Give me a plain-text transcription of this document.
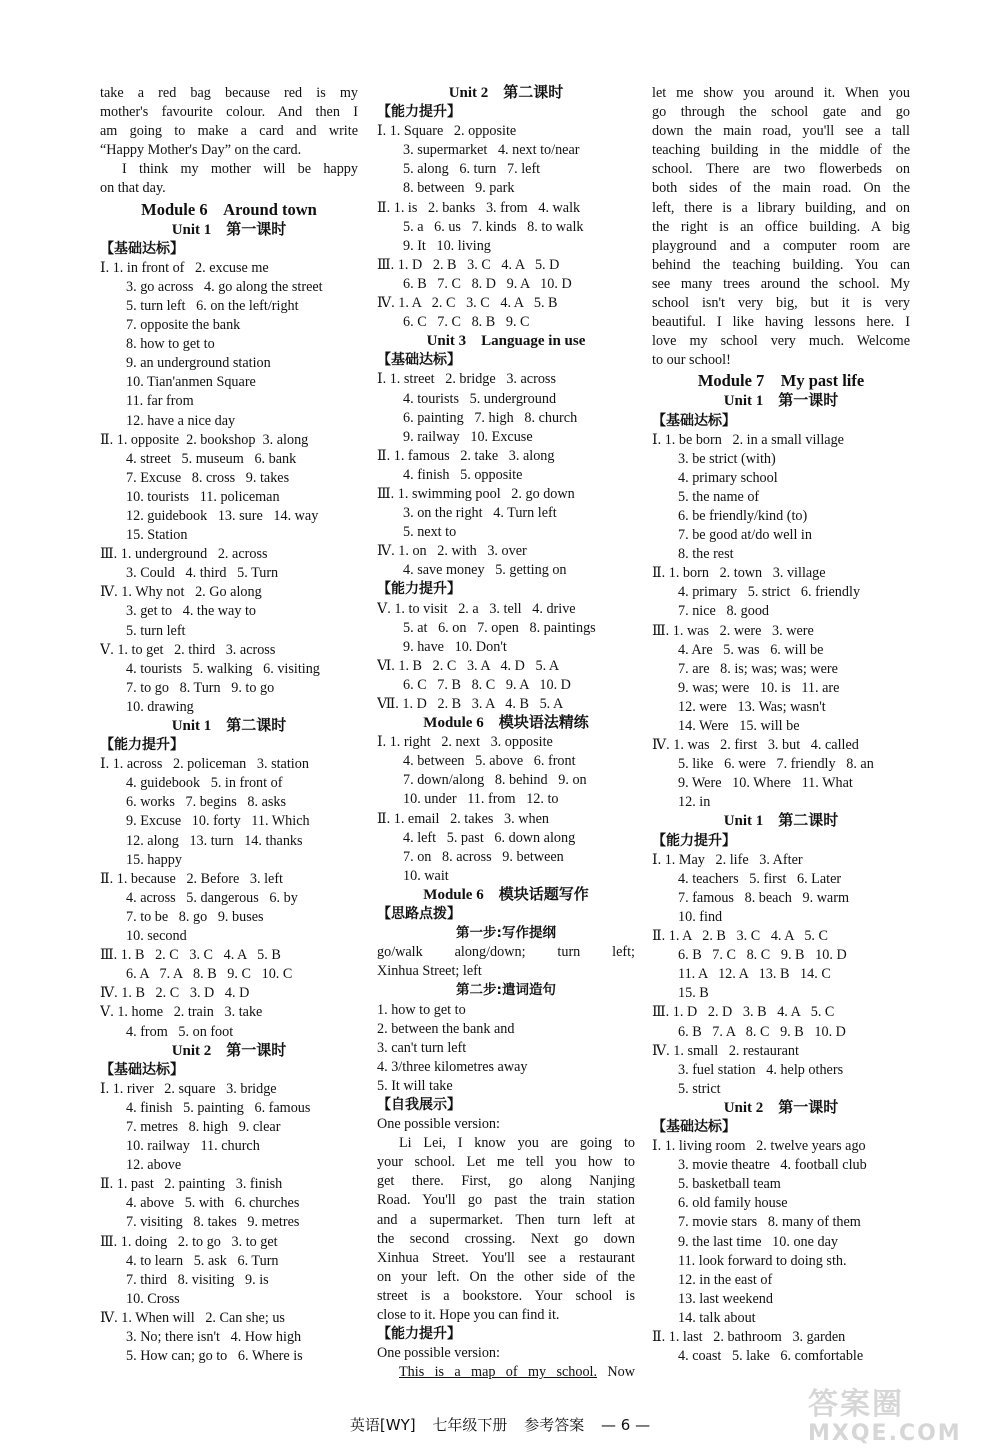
take a red bag because red is my
mother's favourite colour. And then I
am going to make a card and write
“Happy Mother's Day” on the card.
I think my mother will be happy
on that day.
Module 6    Around town
Unit 1    第一课时
【基础达标】
Ⅰ. 1. in front of   2. excuse me
3. go across   4. go along the street
5. turn left   6. on the left/right
7. opposite the bank
8. how to get to
9. an underground station
10. Tian'anmen Square
11. far from
12. have a nice day
Ⅱ. 1. opposite  2. bookshop  3. along
4. street   5. museum   6. bank
7. Excuse   8. cross   9. takes
10. tourists   11. policeman
12. guidebook   13. sure   14. way
15. Station
Ⅲ. 1. underground   2. across
3. Could   4. third   5. Turn
Ⅳ. 1. Why not   2. Go along
3. get to   4. the way to
5. turn left
Ⅴ. 1. to get   2. third   3. across
4. tourists   5. walking   6. visiting
7. to go   8. Turn   9. to go
10. drawing
Unit 1    第二课时
【能力提升】
Ⅰ. 1. across   2. policeman   3. station
4. guidebook   5. in front of
6. works   7. begins   8. asks
9. Excuse   10. forty   11. Which
12. along   13. turn   14. thanks
15. happy
Ⅱ. 1. because   2. Before   3. left
4. across   5. dangerous   6. by
7. to be   8. go   9. buses
10. second
Ⅲ. 1. B   2. C   3. C   4. A   5. B
6. A   7. A   8. B   9. C   10. C
Ⅳ. 1. B   2. C   3. D   4. D
Ⅴ. 1. home   2. train   3. take
4. from   5. on foot
Unit 2    第一课时
【基础达标】
Ⅰ. 1. river   2. square   3. bridge
4. finish   5. painting   6. famous
7. metres   8. high   9. clear
10. railway   11. church
12. above
Ⅱ. 1. past   2. painting   3. finish
4. above   5. with   6. churches
7. visiting   8. takes   9. metres
Ⅲ. 1. doing   2. to go   3. to get
4. to learn   5. ask   6. Turn
7. third   8. visiting   9. is
10. Cross
Ⅳ. 1. When will   2. Can she; us
3. No; there isn't   4. How high
5. How can; go to   6. Where is
Unit 2    第二课时
【能力提升】
Ⅰ. 1. Square   2. opposite
3. supermarket   4. next to/near
5. along   6. turn   7. left
8. between   9. park
Ⅱ. 1. is   2. banks   3. from   4. walk
5. a   6. us   7. kinds   8. to walk
9. It   10. living
Ⅲ. 1. D   2. B   3. C   4. A   5. D
6. B   7. C   8. D   9. A   10. D
Ⅳ. 1. A   2. C   3. C   4. A   5. B
6. C   7. C   8. B   9. C
Unit 3    Language in use
【基础达标】
Ⅰ. 1. street   2. bridge   3. across
4. tourists   5. underground
6. painting   7. high   8. church
9. railway   10. Excuse
Ⅱ. 1. famous   2. take   3. along
4. finish   5. opposite
Ⅲ. 1. swimming pool   2. go down
3. on the right   4. Turn left
5. next to
Ⅳ. 1. on   2. with   3. over
4. save money   5. getting on
【能力提升】
Ⅴ. 1. to visit   2. a   3. tell   4. drive
5. at   6. on   7. open   8. paintings
9. have   10. Don't
Ⅵ. 1. B   2. C   3. A   4. D   5. A
6. C   7. B   8. C   9. A   10. D
Ⅶ. 1. D   2. B   3. A   4. B   5. A
Module 6    模块语法精练
Ⅰ. 1. right   2. next   3. opposite
4. between   5. above   6. front
7. down/along   8. behind   9. on
10. under   11. from   12. to
Ⅱ. 1. email   2. takes   3. when
4. left   5. past   6. down along
7. on   8. across   9. between
10. wait
Module 6    模块话题写作
【思路点拨】
第一步:写作提纲
go/walk along/down; turn left;
Xinhua Street; left
第二步:遣词造句
1. how to get to
2. between the bank and
3. can't turn left
4. 3/three kilometres away
5. It will take
【自我展示】
One possible version:
Li Lei, I know you are going to
your school. Let me tell you how to
get there. First, go along Nanjing
Road. You'll go past the train station
and a supermarket. Then turn left at
the second crossing. Next go down
Xinhua Street. You'll see a restaurant
on your left. On the other side of the
street is a bookstore. Your school is
close to it. Hope you can find it.
【能力提升】
One possible version:
This is a map of my school. Now
let me show you around it. When you
go through the school gate and go
down the main road, you'll see a tall
teaching building in the middle of the
school. There are two flowerbeds on
both sides of the main road. On the
left, there is a library building, and on
the right is an office building. A big
playground and a computer room are
behind the teaching building. You can
see many trees around the school. My
school isn't very big, but it is very
beautiful. I like having lessons here. I
love my school very much. Welcome
to our school!
Module 7    My past life
Unit 1    第一课时
【基础达标】
Ⅰ. 1. be born   2. in a small village
3. be strict (with)
4. primary school
5. the name of
6. be friendly/kind (to)
7. be good at/do well in
8. the rest
Ⅱ. 1. born   2. town   3. village
4. primary   5. strict   6. friendly
7. nice   8. good
Ⅲ. 1. was   2. were   3. were
4. Are   5. was   6. will be
7. are   8. is; was; was; were
9. was; were   10. is   11. are
12. were   13. Was; wasn't
14. Were   15. will be
Ⅳ. 1. was   2. first   3. but   4. called
5. like   6. were   7. friendly   8. an
9. Were   10. Where   11. What
12. in
Unit 1    第二课时
【能力提升】
Ⅰ. 1. May   2. life   3. After
4. teachers   5. first   6. Later
7. famous   8. beach   9. warm
10. find
Ⅱ. 1. A   2. B   3. C   4. A   5. C
6. B   7. C   8. C   9. B   10. D
11. A   12. A   13. B   14. C
15. B
Ⅲ. 1. D   2. D   3. B   4. A   5. C
6. B   7. A   8. C   9. B   10. D
Ⅳ. 1. small   2. restaurant
3. fuel station   4. help others
5. strict
Unit 2    第一课时
【基础达标】
Ⅰ. 1. living room   2. twelve years ago
3. movie theatre   4. football club
5. basketball team
6. old family house
7. movie stars   8. many of them
9. the last time   10. one day
11. look forward to doing sth.
12. in the east of
13. last weekend
14. talk about
Ⅱ. 1. last   2. bathroom   3. garden
4. coast   5. lake   6. comfortable
英语[WY] 七年级下册 参考答案 — 6 —
答案圈
MXQE.COM
